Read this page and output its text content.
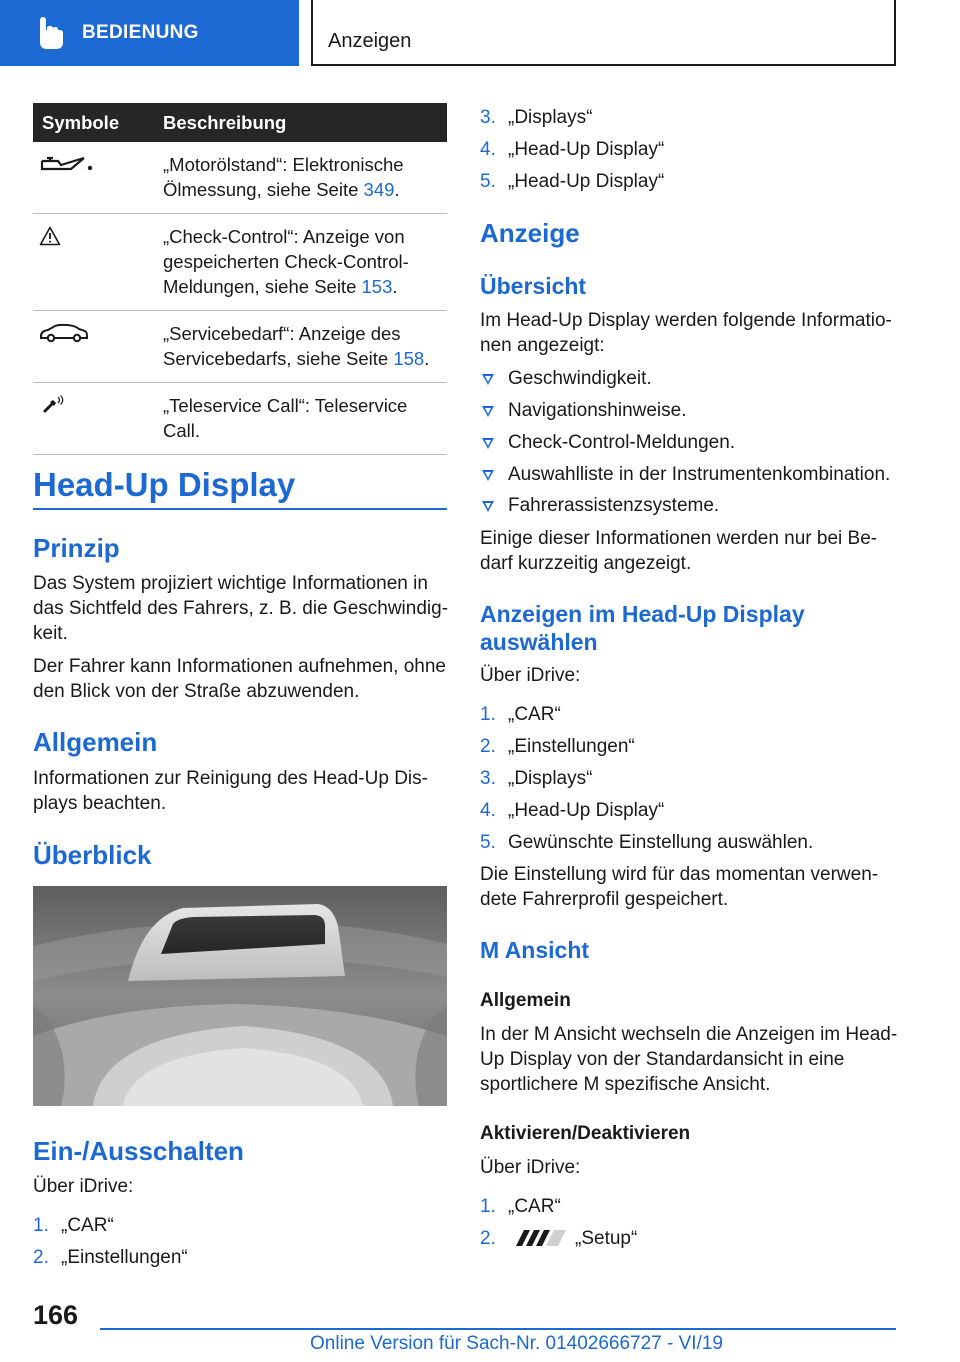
BEDIENUNG	Anzeigen
Symbole	Beschreibung

	„Motorölstand“: Elektronische Ölmessung, siehe Seite 349.

	„Check-Control“: Anzeige von gespeicherten Check-Control-Meldungen, siehe Seite 153.

	„Servicebedarf“: Anzeige des Servicebedarfs, siehe Seite 158.

	„Teleservice Call“: Teleservice Call.
Head-Up Display
Prinzip
Das System projiziert wichtige Informationen in das Sichtfeld des Fahrers, z. B. die Geschwindig-keit.
Der Fahrer kann Informationen aufnehmen, ohne den Blick von der Straße abzuwenden.
Allgemein
Informationen zur Reinigung des Head-Up Dis-plays beachten.
Überblick
Ein-/Ausschalten
Über iDrive:
1. „CAR“
2. „Einstellungen“
3. „Displays“
4. „Head-Up Display“
5. „Head-Up Display“
Anzeige
Übersicht
Im Head-Up Display werden folgende Informatio-nen angezeigt:
Geschwindigkeit.
Navigationshinweise.
Check-Control-Meldungen.
Auswahlliste in der Instrumentenkombination.
Fahrerassistenzsysteme.
Einige dieser Informationen werden nur bei Be-darf kurzzeitig angezeigt.
Anzeigen im Head-Up Display auswählen
Über iDrive:
1. „CAR“
2. „Einstellungen“
3. „Displays“
4. „Head-Up Display“
5. Gewünschte Einstellung auswählen.
Die Einstellung wird für das momentan verwen-dete Fahrerprofil gespeichert.
M Ansicht
Allgemein
In der M Ansicht wechseln die Anzeigen im Head-Up Display von der Standardansicht in eine sportlichere M spezifische Ansicht.
Aktivieren/Deaktivieren
Über iDrive:
1. „CAR“
2.	„Setup“
166
Online Version für Sach-Nr. 01402666727 - VI/19
